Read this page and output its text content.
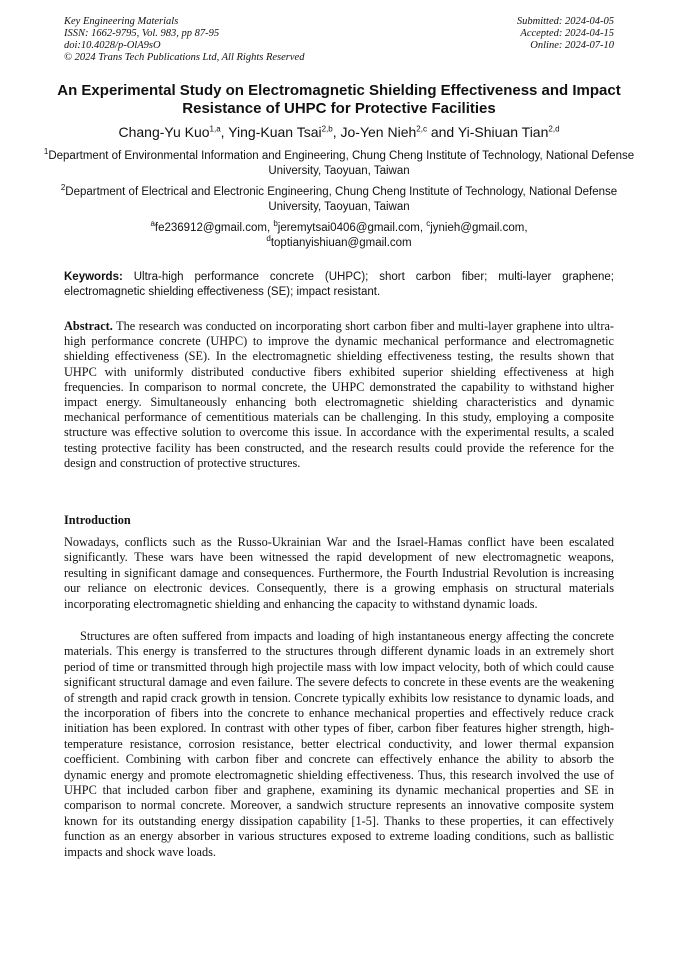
Key Engineering Materials
ISSN: 1662-9795, Vol. 983, pp 87-95
doi:10.4028/p-OlA9sO
© 2024 Trans Tech Publications Ltd, All Rights Reserved
Submitted: 2024-04-05
Accepted: 2024-04-15
Online: 2024-07-10
An Experimental Study on Electromagnetic Shielding Effectiveness and Impact Resistance of UHPC for Protective Facilities
Chang-Yu Kuo$^{1,a}$, Ying-Kuan Tsai$^{2,b}$, Jo-Yen Nieh$^{2,c}$ and Yi-Shiuan Tian$^{2,d}$
$^1$Department of Environmental Information and Engineering, Chung Cheng Institute of Technology, National Defense University, Taoyuan, Taiwan
$^2$Department of Electrical and Electronic Engineering, Chung Cheng Institute of Technology, National Defense University, Taoyuan, Taiwan
$^a$fe236912@gmail.com, $^b$jeremytsai0406@gmail.com, $^c$jynieh@gmail.com,
$^d$toptianyishiuan@gmail.com
Keywords: Ultra-high performance concrete (UHPC); short carbon fiber; multi-layer graphene; electromagnetic shielding effectiveness (SE); impact resistant.

Abstract. The research was conducted on incorporating short carbon fiber and multi-layer graphene into ultra-high performance concrete (UHPC) to improve the dynamic mechanical performance and electromagnetic shielding effectiveness (SE). In the electromagnetic shielding effectiveness testing, the results shown that UHPC with uniformly distributed conductive fibers exhibited superior shielding effectiveness at high frequencies. In comparison to normal concrete, the UHPC demonstrated the capability to withstand higher impact energy. Simultaneously enhancing both electromagnetic shielding characteristics and dynamic mechanical performance of cementitious materials can be challenging. In this study, employing a composite structure was effective solution to overcome this issue. In accordance with the experimental results, a scaled testing protective facility has been constructed, and the research results could provide the reference for the design and construction of protective structures.

Introduction

Nowadays, conflicts such as the Russo-Ukrainian War and the Israel-Hamas conflict have been escalated significantly. These wars have been witnessed the rapid development of new electromagnetic weapons, resulting in significant damage and consequences. Furthermore, the Fourth Industrial Revolution is increasing our reliance on electronic devices. Consequently, there is a growing emphasis on structural materials incorporating electromagnetic shielding and enhancing the capacity to withstand dynamic loads.

Structures are often suffered from impacts and loading of high instantaneous energy affecting the concrete materials. This energy is transferred to the structures through different dynamic loads in an extremely short period of time or transmitted through high projectile mass with low impact velocity, both of which could cause significant structural damage and even failure. The severe defects to concrete in these events are the weakening of strength and rapid crack growth in tension. Concrete typically exhibits low resistance to dynamic loads, and the incorporation of fibers into the concrete to enhance mechanical properties and effectively reduce crack initiation has been explored. In contrast with other types of fiber, carbon fiber features higher strength, high-temperature resistance, corrosion resistance, better electrical conductivity, and lower thermal expansion coefficient. Combining with carbon fiber and concrete can effectively enhance the ability to absorb the dynamic energy and promote electromagnetic shielding effectiveness. Thus, this research involved the use of UHPC that included carbon fiber and graphene, examining its dynamic mechanical properties and SE in comparison to normal concrete. Moreover, a sandwich structure represents an innovative composite system known for its outstanding energy dissipation capability [1-5]. Thanks to these properties, it can effectively function as an energy absorber in various structures exposed to extreme loading conditions, such as ballistic impacts and shock wave loads.
